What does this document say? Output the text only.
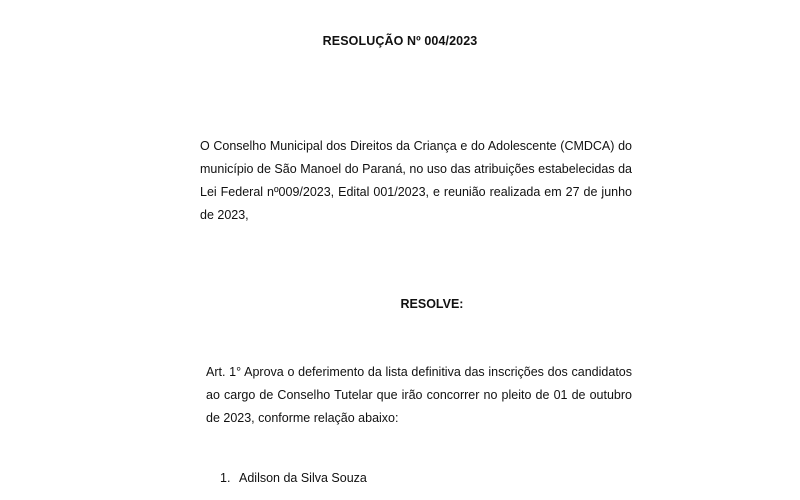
RESOLUÇÃO Nº 004/2023

O Conselho Municipal dos Direitos da Criança e do Adolescente (CMDCA) do município de São Manoel do Paraná, no uso das atribuições estabelecidas da Lei Federal nº009/2023, Edital 001/2023, e reunião realizada em 27 de junho de 2023,

RESOLVE:

Art. 1° Aprova o deferimento da lista definitiva das inscrições dos candidatos ao cargo de Conselho Tutelar que irão concorrer no pleito de 01 de outubro de 2023, conforme relação abaixo:

1. Adilson da Silva Souza
